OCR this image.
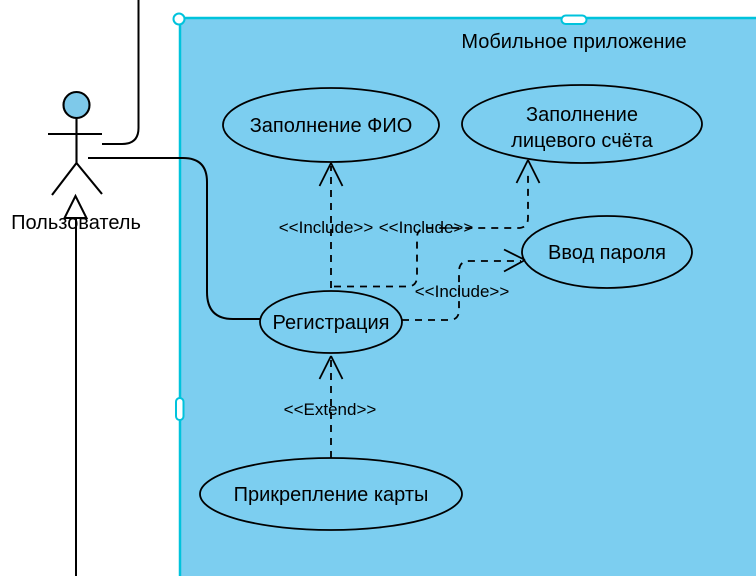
Мобильное приложение
<<Include>> <<Include>>
<<Include>>
<<Extend>>
Пользователь
Заполнение ФИО	Заполнение
лицевого счёта
Ввод пароля
Регистрация
Прикрепление карты
